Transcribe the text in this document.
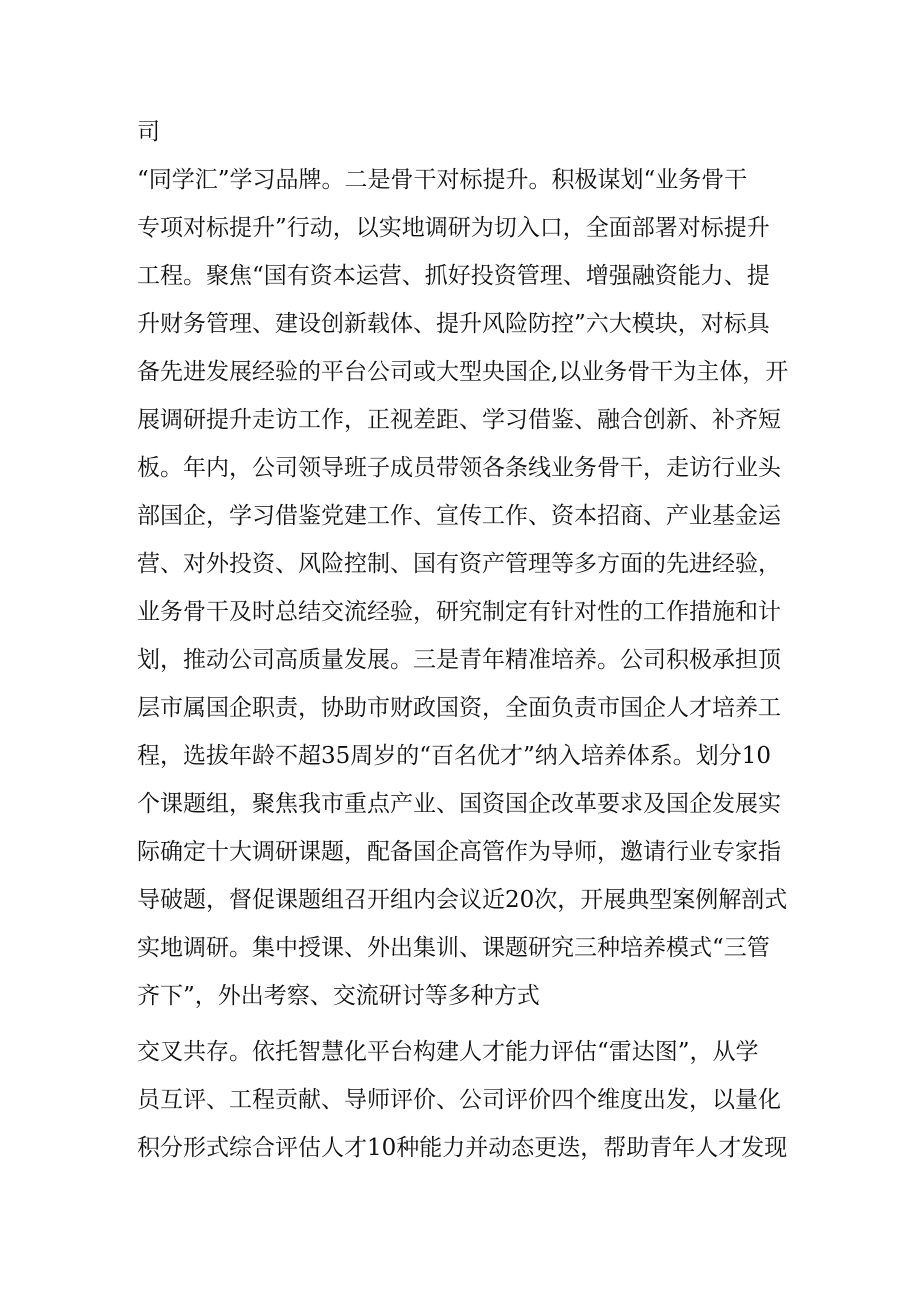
司
“同学汇”学习品牌。二是骨干对标提升。积极谋划“业务骨干
专项对标提升”行动，以实地调研为切入口，全面部署对标提升
工程。聚焦“国有资本运营、抓好投资管理、增强融资能力、提
升财务管理、建设创新载体、提升风险防控”六大模块，对标具
备先进发展经验的平台公司或大型央国企,以业务骨干为主体，开
展调研提升走访工作，正视差距、学习借鉴、融合创新、补齐短
板。年内，公司领导班子成员带领各条线业务骨干，走访行业头
部国企，学习借鉴党建工作、宣传工作、资本招商、产业基金运
营、对外投资、风险控制、国有资产管理等多方面的先进经验，
业务骨干及时总结交流经验，研究制定有针对性的工作措施和计
划，推动公司高质量发展。三是青年精准培养。公司积极承担顶
层市属国企职责，协助市财政国资，全面负责市国企人才培养工
程，选拔年龄不超35周岁的“百名优才”纳入培养体系。划分10
个课题组，聚焦我市重点产业、国资国企改革要求及国企发展实
际确定十大调研课题，配备国企高管作为导师，邀请行业专家指
导破题，督促课题组召开组内会议近20次，开展典型案例解剖式
实地调研。集中授课、外出集训、课题研究三种培养模式“三管
齐下”，外出考察、交流研讨等多种方式
交叉共存。依托智慧化平台构建人才能力评估“雷达图”，从学
员互评、工程贡献、导师评价、公司评价四个维度出发，以量化
积分形式综合评估人才10种能力并动态更迭，帮助青年人才发现
